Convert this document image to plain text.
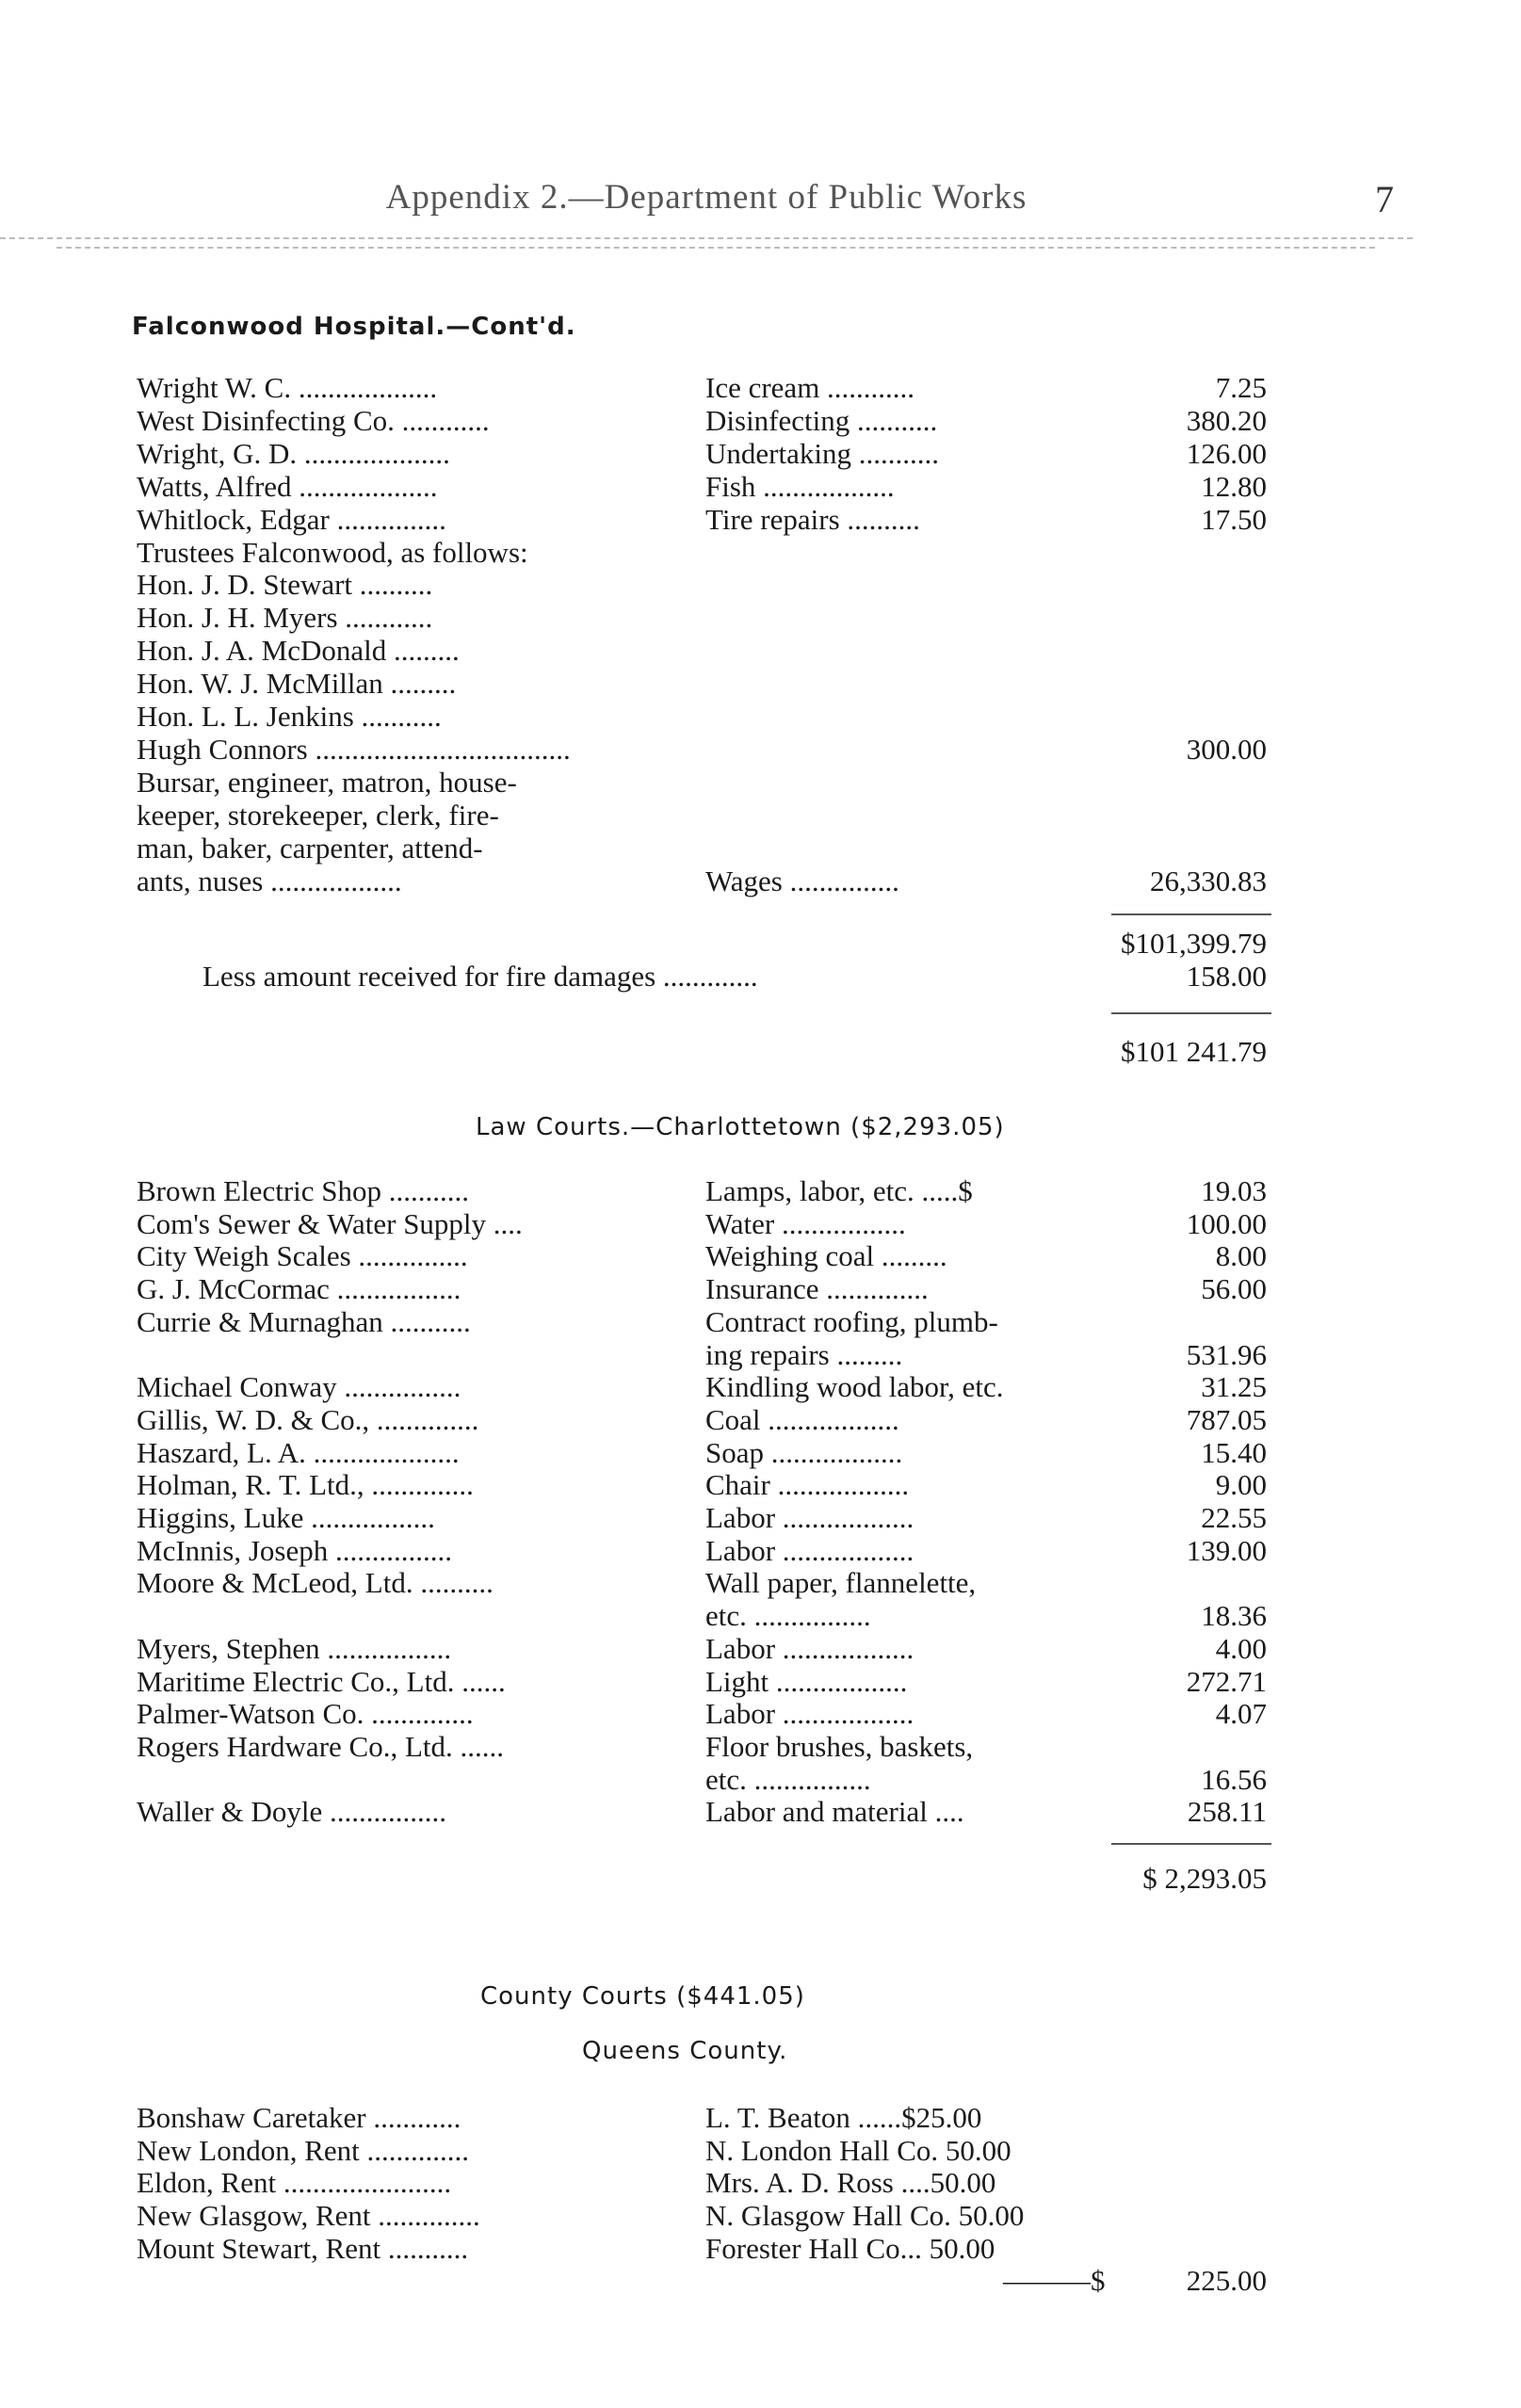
Appendix 2.—Department of Public Works	7
Falconwood Hospital.—Cont'd.
Wright W. C. ...................	Ice cream ............	7.25
West Disinfecting Co. ............	Disinfecting ...........	380.20
Wright, G. D. ....................	Undertaking ...........	126.00
Watts, Alfred ...................	Fish ..................	12.80
Whitlock, Edgar ...............	Tire repairs ..........	17.50
Trustees Falconwood, as follows:
Hon. J. D. Stewart ..........
Hon. J. H. Myers ............
Hon. J. A. McDonald .........
Hon. W. J. McMillan .........
Hon. L. L. Jenkins ...........
Hugh Connors ...................................	300.00
Bursar, engineer, matron, house-
keeper, storekeeper, clerk, fire-
man, baker, carpenter, attend-
ants, nuses ..................	Wages ...............	26,330.83
$101,399.79
Less amount received for fire damages .............	158.00
$101 241.79
Law Courts.—Charlottetown ($2,293.05)
Brown Electric Shop ...........	Lamps, labor, etc. .....$	19.03
Com's Sewer & Water Supply ....	Water .................	100.00
City Weigh Scales ...............	Weighing coal .........	8.00
G. J. McCormac .................	Insurance ..............	56.00
Currie & Murnaghan ...........	Contract roofing, plumb-
ing repairs .........	531.96
Michael Conway ................	Kindling wood labor, etc.	31.25
Gillis, W. D. & Co., ..............	Coal ..................	787.05
Haszard, L. A. ....................	Soap ..................	15.40
Holman, R. T. Ltd., ..............	Chair ..................	9.00
Higgins, Luke .................	Labor ..................	22.55
McInnis, Joseph ................	Labor ..................	139.00
Moore & McLeod, Ltd. ..........	Wall paper, flannelette,
etc. ................	18.36
Myers, Stephen .................	Labor ..................	4.00
Maritime Electric Co., Ltd. ......	Light ..................	272.71
Palmer-Watson Co. ..............	Labor ..................	4.07
Rogers Hardware Co., Ltd. ......	Floor brushes, baskets,
etc. ................	16.56
Waller & Doyle ................	Labor and material ....	258.11
$ 2,293.05
County Courts ($441.05)
Queens County.
Bonshaw Caretaker ............	L. T. Beaton ......$25.00
New London, Rent ..............	N. London Hall Co. 50.00
Eldon, Rent .......................	Mrs. A. D. Ross ....50.00
New Glasgow, Rent ..............	N. Glasgow Hall Co. 50.00
Mount Stewart, Rent ...........	Forester Hall Co... 50.00
———$	225.00
